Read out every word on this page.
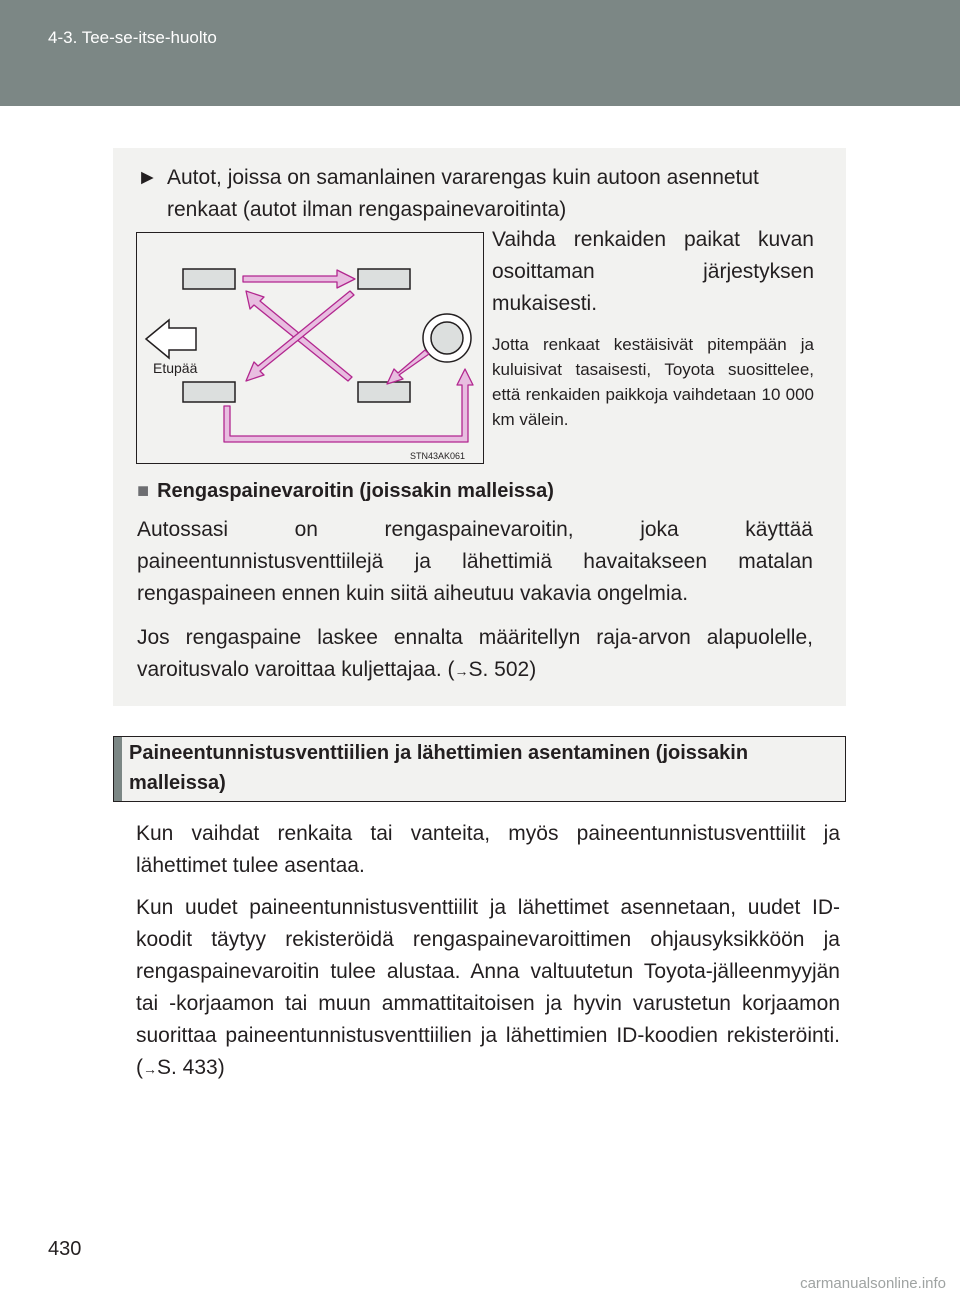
4-3. Tee-se-itse-huolto
► Autot, joissa on samanlainen vararengas kuin autoon asennetut renkaat (autot ilman rengaspainevaroitinta)
Etupää
STN43AK061
Vaihda renkaiden paikat kuvan osoittaman järjestyksen mukaisesti.
Jotta renkaat kestäisivät pitempään ja kuluisivat tasaisesti, Toyota suosittelee, että renkaiden paikkoja vaihdetaan 10 000 km välein.
■ Rengaspainevaroitin (joissakin malleissa)
Autossasi on rengaspainevaroitin, joka käyttää paineentunnistusventtiilejä ja lähettimiä havaitakseen matalan rengaspaineen ennen kuin siitä aiheutuu vakavia ongelmia.
Jos rengaspaine laskee ennalta määritellyn raja-arvon alapuolelle, varoitusvalo varoittaa kuljettajaa. (→S. 502)
Paineentunnistusventtiilien ja lähettimien asentaminen (joissakin malleissa)
Kun vaihdat renkaita tai vanteita, myös paineentunnistusventtiilit ja lähettimet tulee asentaa.
Kun uudet paineentunnistusventtiilit ja lähettimet asennetaan, uudet ID-koodit täytyy rekisteröidä rengaspainevaroittimen ohjausyksikköön ja rengaspainevaroitin tulee alustaa. Anna valtuutetun Toyota-jälleenmyyjän tai -korjaamon tai muun ammattitaitoisen ja hyvin varustetun korjaamon suorittaa paineentunnistusventtiilien ja lähettimien ID-koodien rekisteröinti. (→S. 433)
430
carmanualsonline.info
